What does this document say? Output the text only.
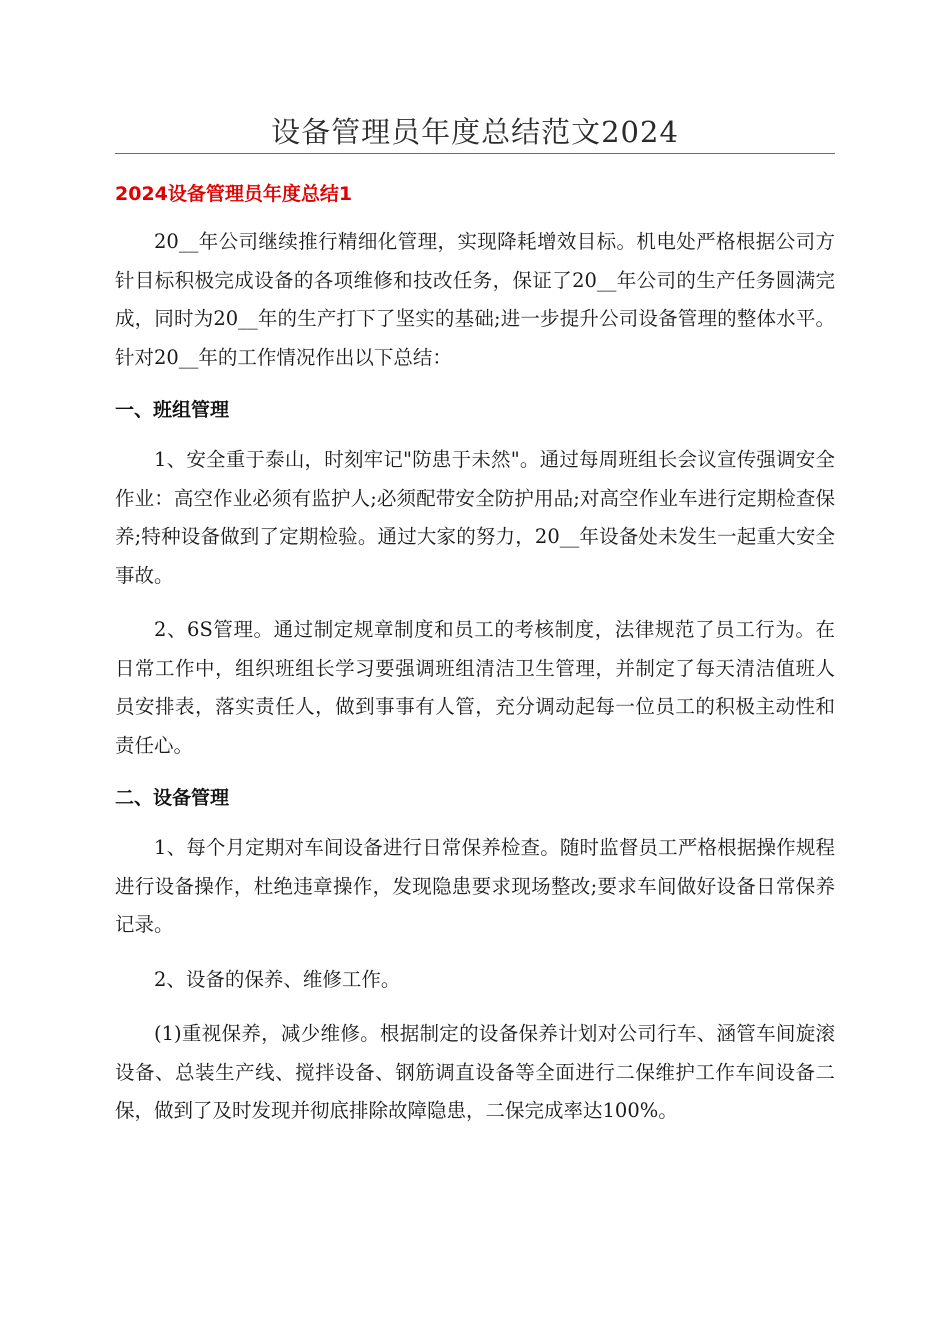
设备管理员年度总结范文2024
2024设备管理员年度总结1

20__年公司继续推行精细化管理，实现降耗增效目标。机电处严格根据公司方针目标积极完成设备的各项维修和技改任务，保证了20__年公司的生产任务圆满完成，同时为20__年的生产打下了坚实的基础;进一步提升公司设备管理的整体水平。针对20__年的工作情况作出以下总结：

一、班组管理

1、安全重于泰山，时刻牢记"防患于未然"。通过每周班组长会议宣传强调安全作业：高空作业必须有监护人;必须配带安全防护用品;对高空作业车进行定期检查保养;特种设备做到了定期检验。通过大家的努力，20__年设备处未发生一起重大安全事故。

2、6S管理。通过制定规章制度和员工的考核制度，法律规范了员工行为。在日常工作中，组织班组长学习要强调班组清洁卫生管理，并制定了每天清洁值班人员安排表，落实责任人，做到事事有人管，充分调动起每一位员工的积极主动性和责任心。

二、设备管理

1、每个月定期对车间设备进行日常保养检查。随时监督员工严格根据操作规程进行设备操作，杜绝违章操作，发现隐患要求现场整改;要求车间做好设备日常保养记录。

2、设备的保养、维修工作。

(1)重视保养，减少维修。根据制定的设备保养计划对公司行车、涵管车间旋滚设备、总装生产线、搅拌设备、钢筋调直设备等全面进行二保维护工作车间设备二保，做到了及时发现并彻底排除故障隐患，二保完成率达100%。
